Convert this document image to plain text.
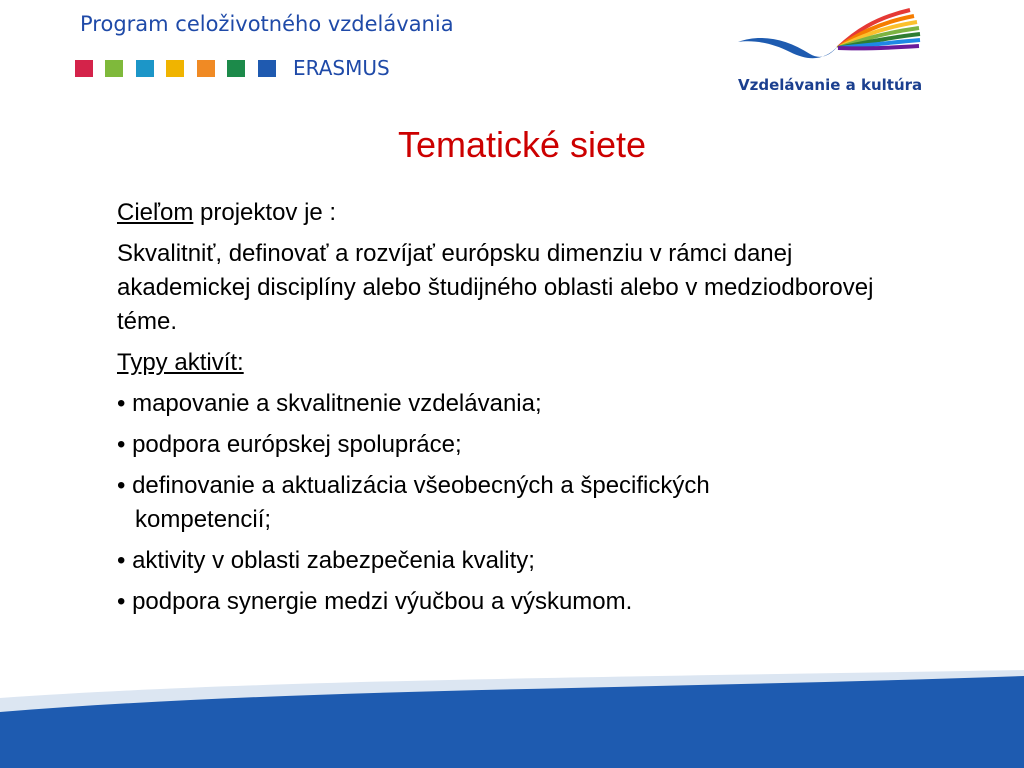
Program celoživotného vzdelávania
ERASMUS
Vzdelávanie a kultúra
Tematické siete

Cieľom projektov je :

Skvalitniť, definovať a rozvíjať európsku dimenziu v rámci danej akademickej disciplíny alebo študijného oblasti alebo v medziodborovej téme.

Typy aktivít:

• mapovanie a skvalitnenie vzdelávania;

• podpora európskej spolupráce;

• definovanie a aktualizácia všeobecných a špecifických

kompetencií;

• aktivity v oblasti zabezpečenia kvality;

• podpora synergie medzi výučbou a výskumom.
